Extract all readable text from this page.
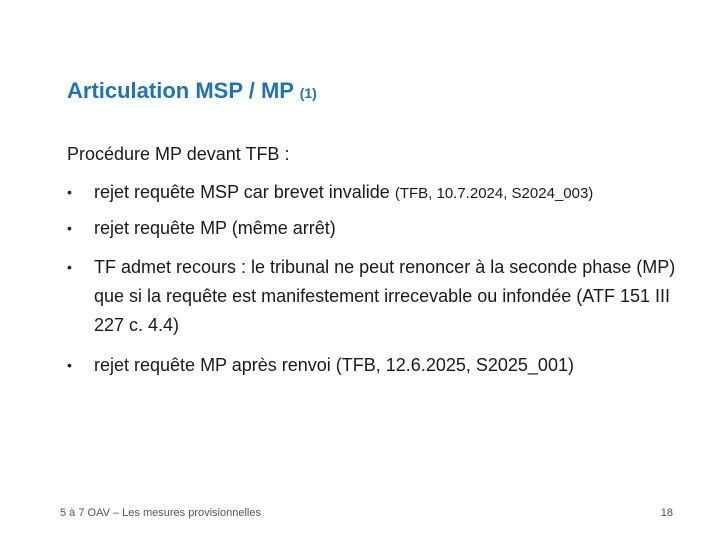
Articulation MSP / MP (1)
Procédure MP devant TFB :
• rejet requête MSP car brevet invalide (TFB, 10.7.2024, S2024_003)
• rejet requête MP (même arrêt)
• TF admet recours : le tribunal ne peut renoncer à la seconde phase (MP) que si la requête est manifestement irrecevable ou infondée (ATF 151 III 227 c. 4.4)
• rejet requête MP après renvoi (TFB, 12.6.2025, S2025_001)
5 à 7 OAV – Les mesures provisionnelles	18
